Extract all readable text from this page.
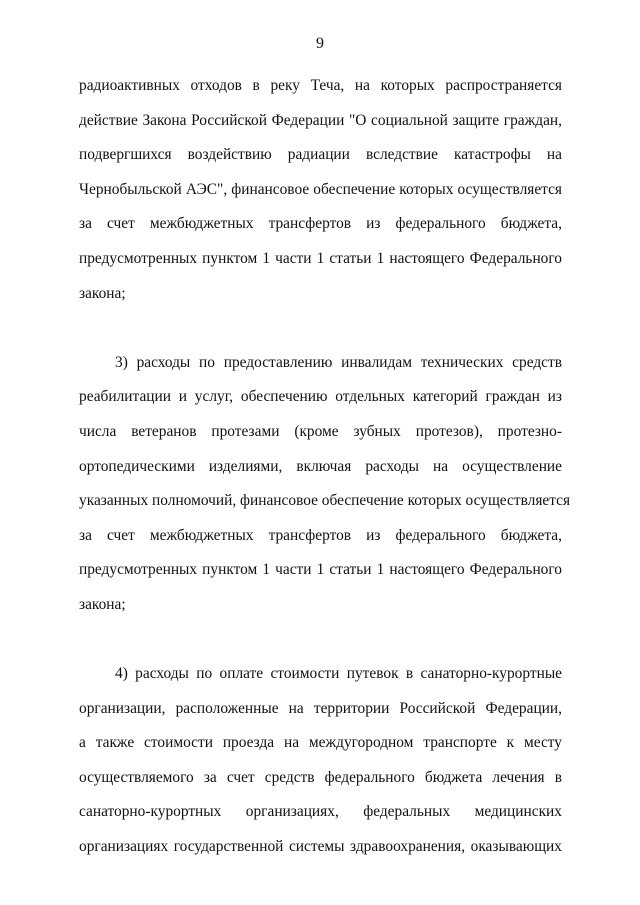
9
радиоактивных отходов в реку Теча, на которых распространяется
действие Закона Российской Федерации "О социальной защите граждан,
подвергшихся воздействию радиации вследствие катастрофы на
Чернобыльской АЭС", финансовое обеспечение которых осуществляется
за счет межбюджетных трансфертов из федерального бюджета,
предусмотренных пунктом 1 части 1 статьи 1 настоящего Федерального
закона;
3) расходы по предоставлению инвалидам технических средств
реабилитации и услуг, обеспечению отдельных категорий граждан из
числа ветеранов протезами (кроме зубных протезов), протезно-
ортопедическими изделиями, включая расходы на осуществление
указанных полномочий, финансовое обеспечение которых осуществляется
за счет межбюджетных трансфертов из федерального бюджета,
предусмотренных пунктом 1 части 1 статьи 1 настоящего Федерального
закона;
4) расходы по оплате стоимости путевок в санаторно-курортные
организации, расположенные на территории Российской Федерации,
а также стоимости проезда на междугородном транспорте к месту
осуществляемого за счет средств федерального бюджета лечения в
санаторно-курортных организациях, федеральных медицинских
организациях государственной системы здравоохранения, оказывающих
